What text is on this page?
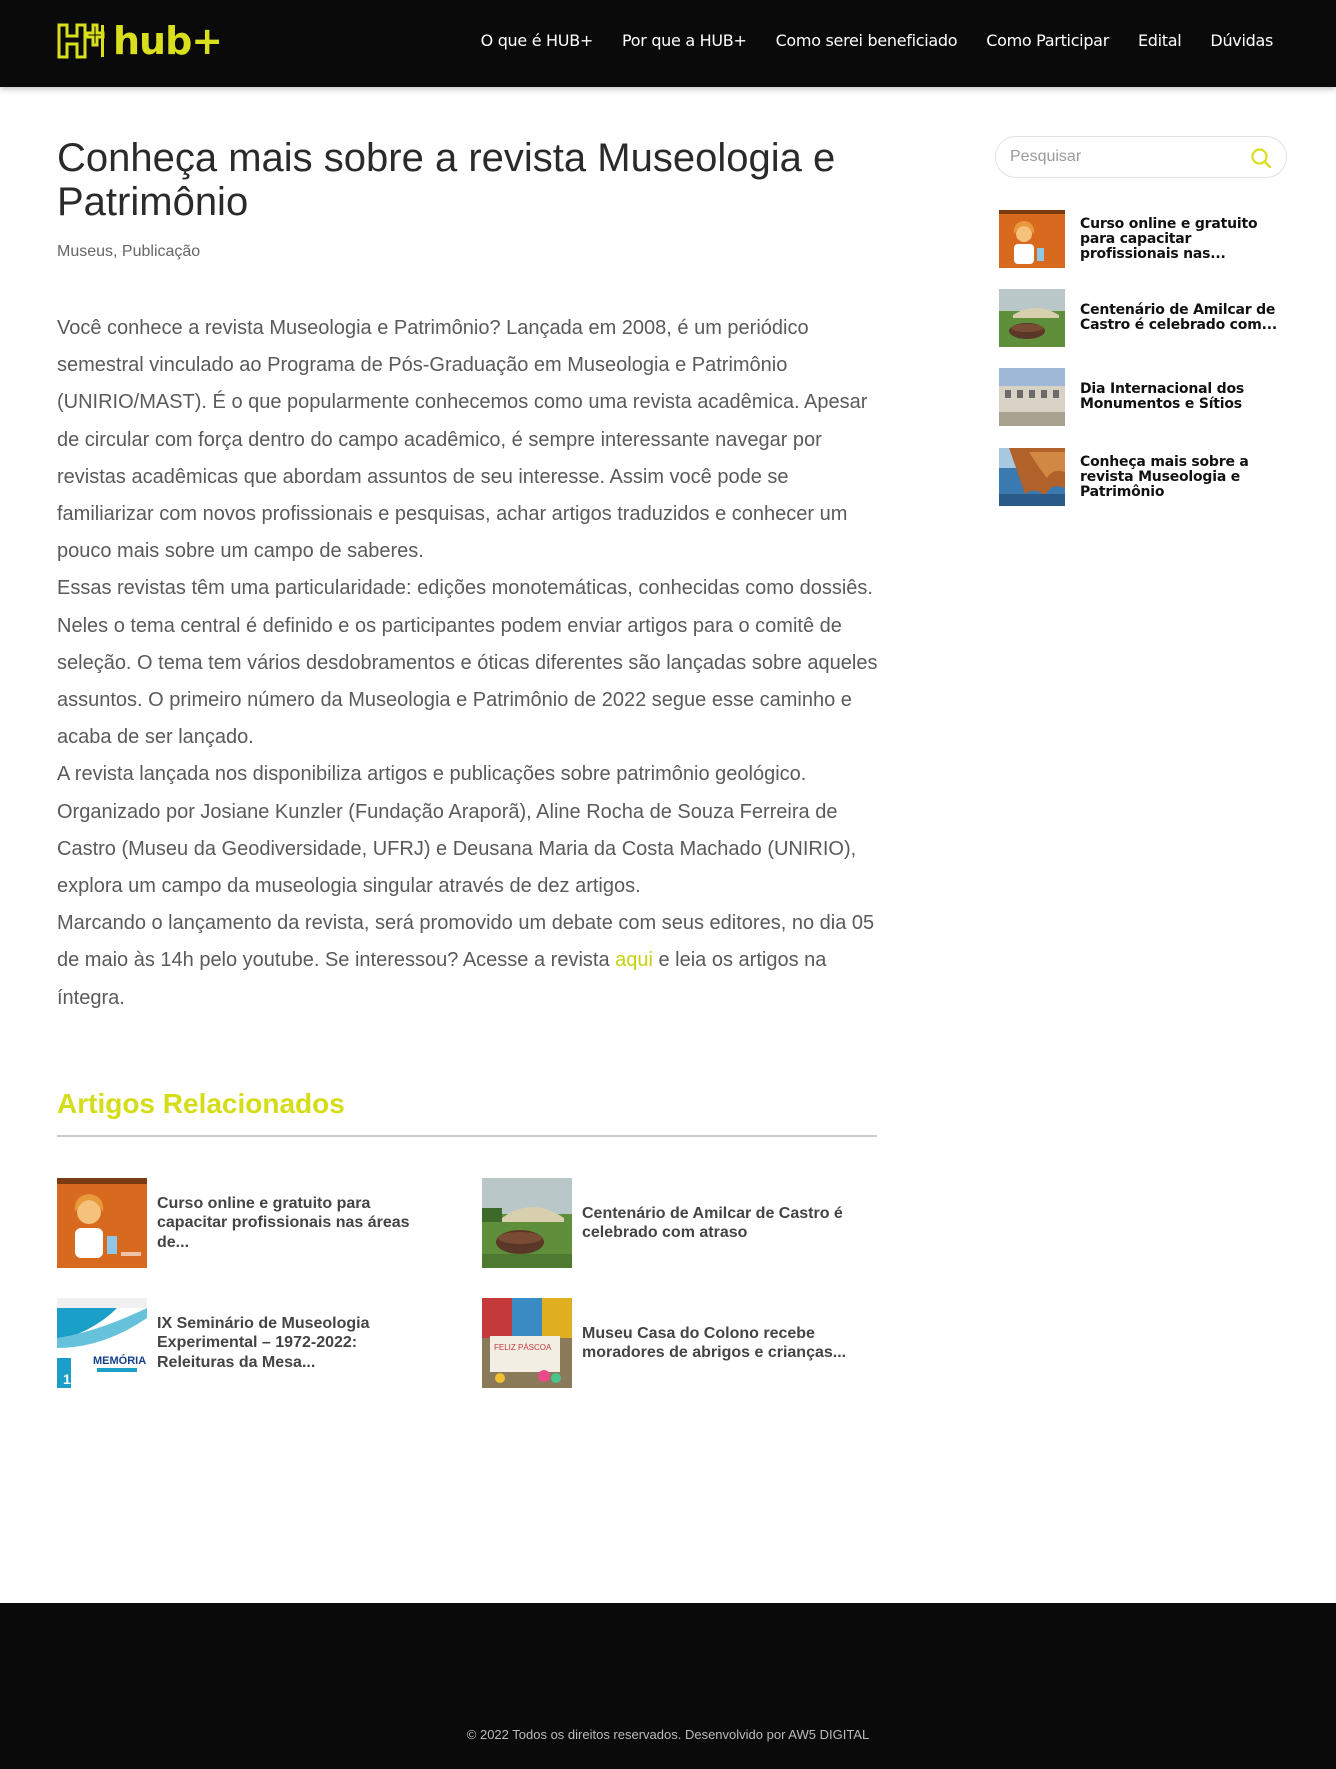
hub+	O que é HUB+ Por que a HUB+ Como serei beneficiado Como Participar Edital Dúvidas
Conheça mais sobre a revista Museologia e Patrimônio
Museus, Publicação

Você conhece a revista Museologia e Patrimônio? Lançada em 2008, é um periódico semestral vinculado ao Programa de Pós-Graduação em Museologia e Patrimônio (UNIRIO/MAST). É o que popularmente conhecemos como uma revista acadêmica. Apesar de circular com força dentro do campo acadêmico, é sempre interessante navegar por revistas acadêmicas que abordam assuntos de seu interesse. Assim você pode se familiarizar com novos profissionais e pesquisas, achar artigos traduzidos e conhecer um pouco mais sobre um campo de saberes.

Essas revistas têm uma particularidade: edições monotemáticas, conhecidas como dossiês. Neles o tema central é definido e os participantes podem enviar artigos para o comitê de seleção. O tema tem vários desdobramentos e óticas diferentes são lançadas sobre aqueles assuntos. O primeiro número da Museologia e Patrimônio de 2022 segue esse caminho e acaba de ser lançado.

A revista lançada nos disponibiliza artigos e publicações sobre patrimônio geológico. Organizado por Josiane Kunzler (Fundação Araporã), Aline Rocha de Souza Ferreira de Castro (Museu da Geodiversidade, UFRJ) e Deusana Maria da Costa Machado (UNIRIO), explora um campo da museologia singular através de dez artigos.

Marcando o lançamento da revista, será promovido um debate com seus editores, no dia 05 de maio às 14h pelo youtube. Se interessou? Acesse a revista aqui e leia os artigos na íntegra.

Artigos Relacionados
Curso online e gratuito para capacitar profissionais nas áreas de...
Centenário de Amilcar de Castro é celebrado com atraso
1
MEMÓRIA
IX Seminário de Museologia Experimental – 1972-2022: Releituras da Mesa...
FELIZ PÁSCOA
Museu Casa do Colono recebe moradores de abrigos e crianças...
Pesquisar
Curso online e gratuito para capacitar profissionais nas...
Centenário de Amilcar de Castro é celebrado com...
Dia Internacional dos Monumentos e Sítios
Conheça mais sobre a revista Museologia e Patrimônio
© 2022 Todos os direitos reservados. Desenvolvido por AW5 DIGITAL
